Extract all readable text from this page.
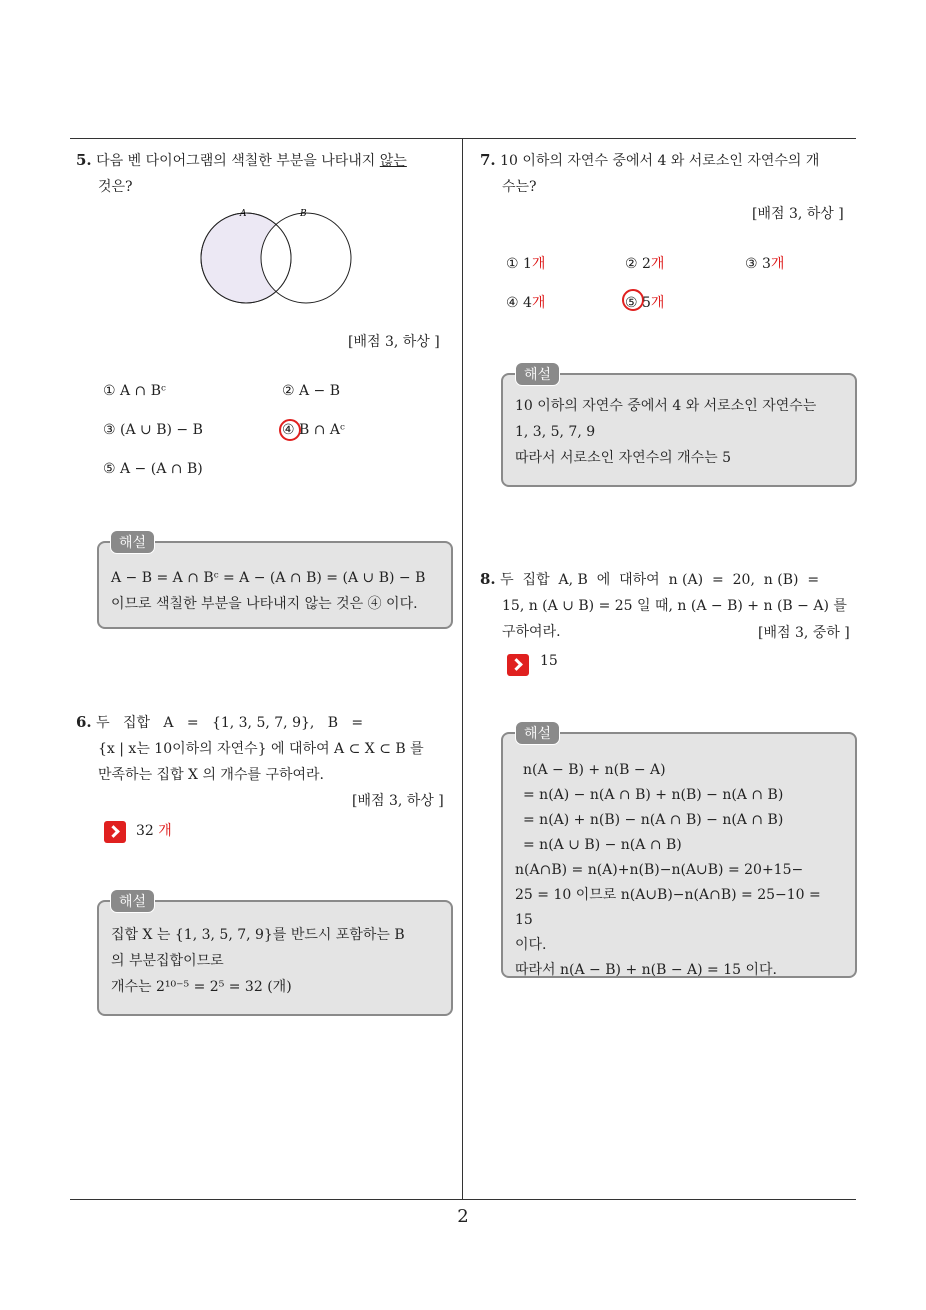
5. 다음 벤 다이어그램의 색칠한 부분을 나타내지 않는
것은?
A	B
[배점 3, 하상 ]
① A ∩ Bᶜ	② A − B
③ (A ∪ B) − B	④ B ∩ Aᶜ
⑤ A − (A ∩ B)
A − B = A ∩ Bᶜ = A − (A ∩ B) = (A ∪ B) − B
이므로 색칠한 부분을 나타내지 않는 것은 ④ 이다.
해설
6. 두   집합   A   =   {1, 3, 5, 7, 9},   B   =
{x | x는 10이하의 자연수} 에 대하여 A ⊂ X ⊂ B 를
만족하는 집합 X 의 개수를 구하여라.
[배점 3, 하상 ]
32 개
집합 X 는 {1, 3, 5, 7, 9}를 반드시 포함하는 B
의 부분집합이므로
개수는 2¹⁰⁻⁵ = 2⁵ = 32 (개)
해설
7. 10 이하의 자연수 중에서 4 와 서로소인 자연수의 개
수는?
[배점 3, 하상 ]
① 1개	② 2개	③ 3개
④ 4개	⑤ 5개
10 이하의 자연수 중에서 4 와 서로소인 자연수는
1, 3, 5, 7, 9
따라서 서로소인 자연수의 개수는 5
해설
8. 두  집합  A, B  에  대하여  n (A)  =  20,  n (B)  =
15, n (A ∪ B) = 25 일 때, n (A − B) + n (B − A) 를
구하여라.	[배점 3, 중하 ]
15
n(A − B) + n(B − A)
= n(A) − n(A ∩ B) + n(B) − n(A ∩ B)
= n(A) + n(B) − n(A ∩ B) − n(A ∩ B)
= n(A ∪ B) − n(A ∩ B)
n(A∩B) = n(A)+n(B)−n(A∪B) = 20+15−
25 = 10 이므로 n(A∪B)−n(A∩B) = 25−10 = 15
이다.
따라서 n(A − B) + n(B − A) = 15 이다.
해설
2
